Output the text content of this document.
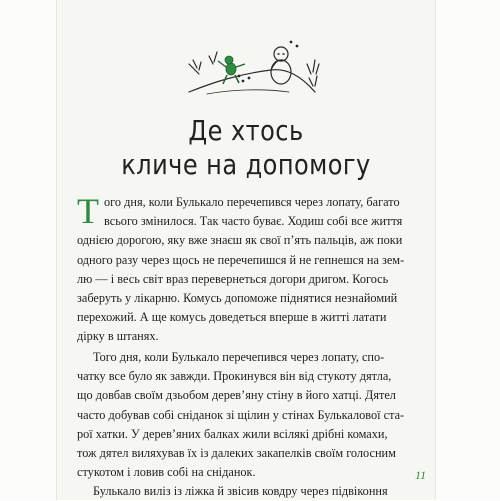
Де хтось
кличе на допомогу
Т ого дня, коли Булькало перечепився через лопату, багато
всього змінилося. Так часто буває. Ходиш собі все життя
однією дорогою, яку вже знаєш як свої п’ять пальців, аж поки
одного разу через щось не перечепишся й не гепнешся на зем-
лю — і весь світ враз перевернеться догори дригом. Когось
заберуть у лікарню. Комусь допоможе піднятися незнайомий
перехожий. А ще комусь доведеться вперше в житті латати
дірку в штанях.
Того дня, коли Булькало перечепився через лопату, спо-
чатку все було як завжди. Прокинувся він від стукоту дятла,
що довбав своїм дзьобом дерев’яну стіну в його хатці. Дятел
часто добував собі сніданок зі щілин у стінах Булькалової ста-
рої хатки. У дерев’яних балках жили всілякі дрібні комахи,
тож дятел виляхував їх із далеких закапелків своїм голосним
стукотом і ловив собі на сніданок.
Булькало виліз із ліжка й звісив ковдру через підвіконня
11
